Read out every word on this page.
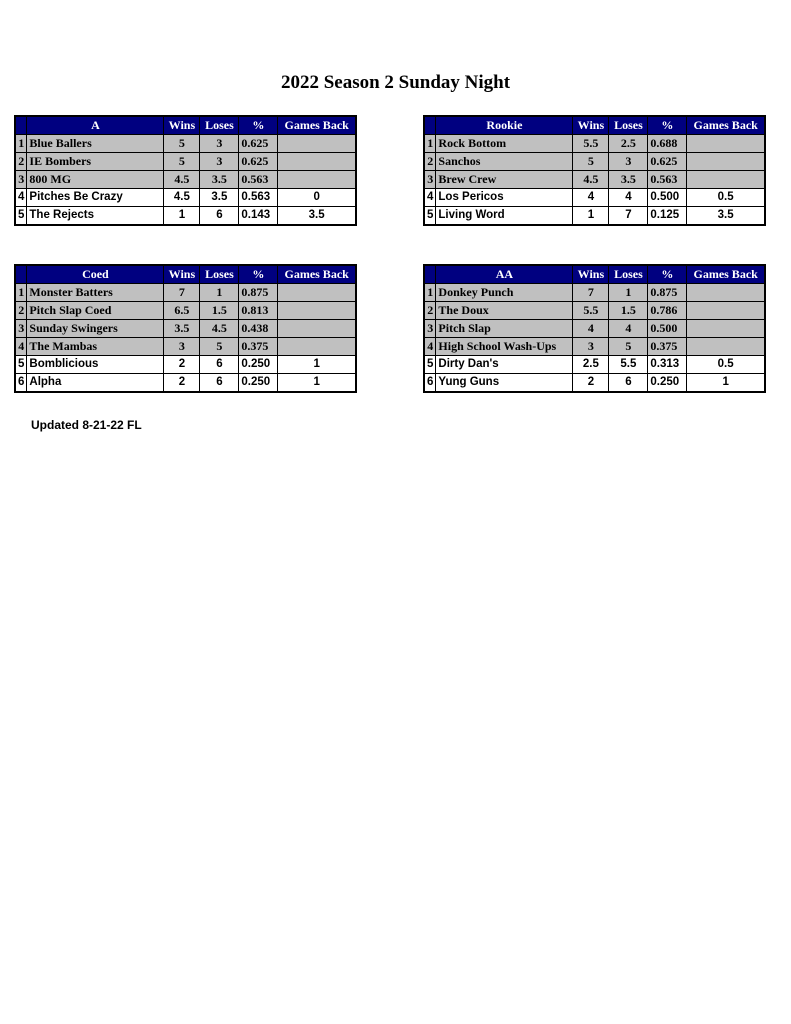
2022 Season 2 Sunday Night
	A	Wins	Loses	%	Games Back
1	Blue Ballers	5	3	0.625	
2	IE Bombers	5	3	0.625	
3	800 MG	4.5	3.5	0.563	
4	Pitches Be Crazy	4.5	3.5	0.563	0
5	The Rejects	1	6	0.143	3.5
	Rookie	Wins	Loses	%	Games Back
1	Rock Bottom	5.5	2.5	0.688	
2	Sanchos	5	3	0.625	
3	Brew Crew	4.5	3.5	0.563	
4	Los Pericos	4	4	0.500	0.5
5	Living Word	1	7	0.125	3.5
	Coed	Wins	Loses	%	Games Back
1	Monster Batters	7	1	0.875	
2	Pitch Slap Coed	6.5	1.5	0.813	
3	Sunday Swingers	3.5	4.5	0.438	
4	The Mambas	3	5	0.375	
5	Bomblicious	2	6	0.250	1
6	Alpha	2	6	0.250	1
	AA	Wins	Loses	%	Games Back
1	Donkey Punch	7	1	0.875	
2	The Doux	5.5	1.5	0.786	
3	Pitch Slap	4	4	0.500	
4	High School Wash-Ups	3	5	0.375	
5	Dirty Dan's	2.5	5.5	0.313	0.5
6	Yung Guns	2	6	0.250	1
Updated 8-21-22 FL
